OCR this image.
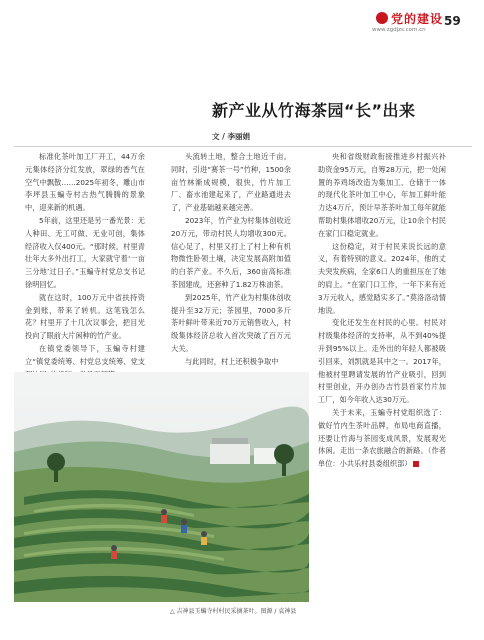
党的建设
www.zgdjzs.com.cn
59
新产业从竹海茶园“长”出来
文 / 李丽娟

标准化茶叶加工厂开工，44万余元集体经济分红发放，翠绿的香气在空气中飘散……2025年初冬，雕山市李坪县玉蝙寺村古热气腾腾的景象中，迎来新的机遇。

5年前，这里还是另一番光景：无人种田、无工可做、无业可创，集体经济收入仅400元。“那时候，村里青壮年大多外出打工，大家就守着‘一亩三分地’过日子。”玉蝙寺村党总支书记徐明回忆。

就在这时，100万元中省扶持资金到账，带来了转机。这笔钱怎么花？村里开了十几次议事会，把目光投向了眼前大片闲种的竹产业。

在镇党委领导下，玉蝙寺村建立“镇党委统筹、村党总支统筹、党支

头流转土地，整合土地近千亩。同时，引进“赛茶一号”竹种，1500余亩竹林渐成规模，很快，竹片加工厂、畜水池建起来了，产业路通进去了，产业基础越来越完善。

2023年，竹产业为村集体创收近20万元，带动村民人均增收300元。信心足了，村里又打上了村上种有机物微性卧领土壤，决定发展高附加值的白茶产业。不久后，360亩高标准茶园建成，还套种了1.82万株油茶。

到2025年，竹产业为村集体创收提升至32万元；茶园里，7000多斤茶叶鲜叶带来近70万元销售收入，村级集体经济总收入首次突破了百万元大关。

与此同时，村上还积极争取中

央和省级财政衔接推进乡村振兴补助资金95万元，自筹28万元，把一处闲置的养鸡场改造为集加工、仓储于一体的现代化茶叶加工中心，年加工鲜叶能力达4万斤，预计早茶茶叶加工每年就能帮助村集体增收20万元，让10余个村民在家门口稳定就业。

这份稳定，对于村民来说长远的意义，有着特别的意义。2024年，他的丈夫突发疾病，全家6口人的重担压在了她的肩上。“在家门口工作，一年下来有近3万元收入，感觉踏实多了。”莫洛洛动情地说。

变化还发生在村民的心里。村民对村级集体经济的支持率，从不到40%提升到95%以上。走外出的年轻人都被吸引回来，刘凯就是其中之一。2017年，他被村里聘请发展的竹产业吸引，回到村里创业，开办创办吉竹县首家竹片加工厂，如今年收入达30万元。

关于未来，玉蝙寺村党组织选了：做好竹内生茶叶品牌，布局电商直播，还要让竹海与茶园变成风景，发展观光休闲。走出一条农旅融合的新路。（作者单位：小共乐村县委组织部）

△ 吉神县玉蝙寺村村民采摘茶叶。图源 / 袁神县
